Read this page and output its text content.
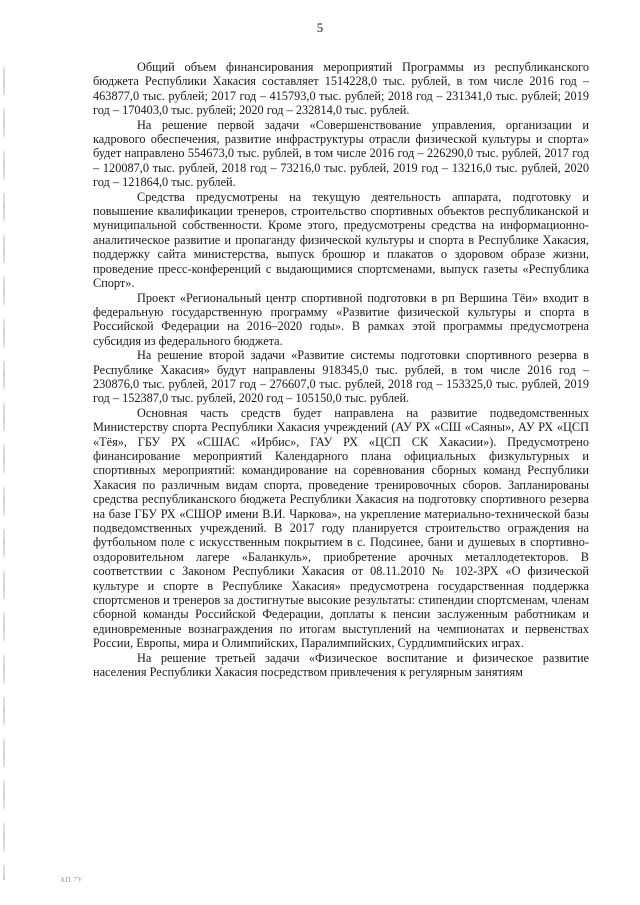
5

Общий объем финансирования мероприятий Программы из республиканского бюджета Республики Хакасия составляет 1514228,0 тыс. рублей, в том числе 2016 год – 463877,0 тыс. рублей; 2017 год – 415793,0 тыс. рублей; 2018 год – 231341,0 тыс. рублей; 2019 год – 170403,0 тыс. рублей; 2020 год – 232814,0 тыс. рублей.

На решение первой задачи «Совершенствование управления, организации и кадрового обеспечения, развитие инфраструктуры отрасли физической культуры и спорта» будет направлено 554673,0 тыс. рублей, в том числе 2016 год – 226290,0 тыс. рублей, 2017 год – 120087,0 тыс. рублей, 2018 год – 73216,0 тыс. рублей, 2019 год – 13216,0 тыс. рублей, 2020 год – 121864,0 тыс. рублей.

Средства предусмотрены на текущую деятельность аппарата, подготовку и повышение квалификации тренеров, строительство спортивных объектов республиканской и муниципальной собственности. Кроме этого, предусмотрены средства на информационно-аналитическое развитие и пропаганду физической культуры и спорта в Республике Хакасия, поддержку сайта министерства, выпуск брошюр и плакатов о здоровом образе жизни, проведение пресс-конференций с выдающимися спортсменами, выпуск газеты «Республика Спорт».

Проект «Региональный центр спортивной подготовки в рп Вершина Тёи» входит в федеральную государственную программу «Развитие физической культуры и спорта в Российской Федерации на 2016–2020 годы». В рамках этой программы предусмотрена субсидия из федерального бюджета.

На решение второй задачи «Развитие системы подготовки спортивного резерва в Республике Хакасия» будут направлены 918345,0 тыс. рублей, в том числе 2016 год – 230876,0 тыс. рублей, 2017 год – 276607,0 тыс. рублей, 2018 год – 153325,0 тыс. рублей, 2019 год – 152387,0 тыс. рублей, 2020 год – 105150,0 тыс. рублей.

Основная часть средств будет направлена на развитие подведомственных Министерству спорта Республики Хакасия учреждений (АУ РХ «СШ «Саяны», АУ РХ «ЦСП «Тёя», ГБУ РХ «СШАС «Ирбис», ГАУ РХ «ЦСП СК Хакасии»). Предусмотрено финансирование мероприятий Календарного плана официальных физкультурных и спортивных мероприятий: командирование на соревнования сборных команд Республики Хакасия по различным видам спорта, проведение тренировочных сборов. Запланированы средства республиканского бюджета Республики Хакасия на подготовку спортивного резерва на базе ГБУ РХ «СШОР имени В.И. Чаркова», на укрепление материально-технической базы подведомственных учреждений. В 2017 году планируется строительство ограждения на футбольном поле с искусственным покрытием в с. Подсинее, бани и душевых в спортивно-оздоровительном лагере «Баланкуль», приобретение арочных металлодетекторов. В соответствии с Законом Республики Хакасия от 08.11.2010 № 102-ЗРХ «О физической культуре и спорте в Республике Хакасия» предусмотрена государственная поддержка спортсменов и тренеров за достигнутые высокие результаты: стипендии спортсменам, членам сборной команды Российской Федерации, доплаты к пенсии заслуженным работникам и единовременные вознаграждения по итогам выступлений на чемпионатах и первенствах России, Европы, мира и Олимпийских, Паралимпийских, Сурдлимпийских играх.

На решение третьей задачи «Физическое воспитание и физическое развитие населения Республики Хакасия посредством привлечения к регулярным занятиям

АП 7У
